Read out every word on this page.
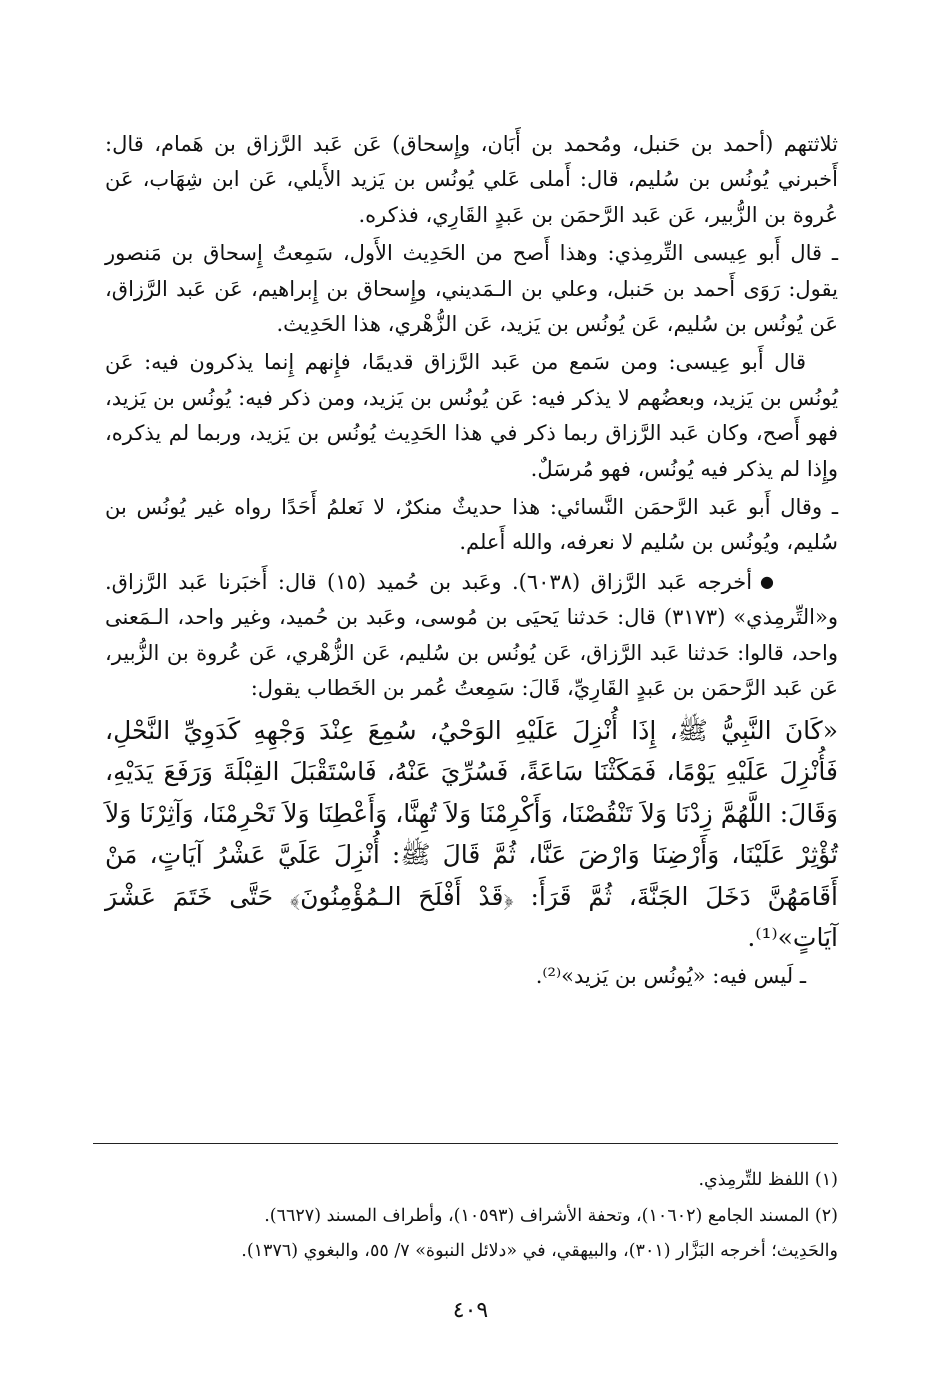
ثلاثتهم (أحمد بن حَنبل، ومُحمد بن أَبَان، وإِسحاق) عَن عَبد الرَّزاق بن هَمام، قال: أَخبرني يُونُس بن سُليم، قال: أَملى عَلي يُونُس بن يَزيد الأَيلي، عَن ابن شِهَاب، عَن عُروة بن الزُّبير، عَن عَبد الرَّحمَن بن عَبدٍ القَارِي، فذكره.

ـ قال أَبو عِيسى التِّرمِذي: وهذا أَصح من الحَدِيث الأَول، سَمِعتُ إِسحاق بن مَنصور يقول: رَوَى أَحمد بن حَنبل، وعلي بن الـمَديني، وإِسحاق بن إِبراهيم، عَن عَبد الرَّزاق، عَن يُونُس بن سُليم، عَن يُونُس بن يَزيد، عَن الزُّهْري، هذا الحَدِيث.

قال أَبو عِيسى: ومن سَمع من عَبد الرَّزاق قديمًا، فإِنهم إِنما يذكرون فيه: عَن يُونُس بن يَزيد، وبعضُهم لا يذكر فيه: عَن يُونُس بن يَزيد، ومن ذكر فيه: يُونُس بن يَزيد، فهو أَصح، وكان عَبد الرَّزاق ربما ذكر في هذا الحَدِيث يُونُس بن يَزيد، وربما لم يذكره، وإِذا لم يذكر فيه يُونُس، فهو مُرسَلٌ.

ـ وقال أَبو عَبد الرَّحمَن النَّسائي: هذا حديثٌ منكرٌ، لا نَعلمُ أَحَدًا رواه غير يُونُس بن سُليم، ويُونُس بن سُليم لا نعرفه، والله أَعلم.

●أخرجه عَبد الرَّزاق (٦٠٣٨). وعَبد بن حُميد (١٥) قال: أَخبَرنا عَبد الرَّزاق. و«التِّرمِذي» (٣١٧٣) قال: حَدثنا يَحيَى بن مُوسى، وعَبد بن حُميد، وغير واحد، الـمَعنى واحد، قالوا: حَدثنا عَبد الرَّزاق، عَن يُونُس بن سُليم، عَن الزُّهْري، عَن عُروة بن الزُّبير، عَن عَبد الرَّحمَن بن عَبدٍ القَارِيِّ، قَالَ: سَمِعتُ عُمر بن الخَطاب يقول:

«كَانَ النَّبِيُّ ﷺ، إِذَا أُنْزِلَ عَلَيْهِ الوَحْيُ، سُمِعَ عِنْدَ وَجْهِهِ كَدَوِيِّ النَّحْلِ، فَأُنْزِلَ عَلَيْهِ يَوْمًا، فَمَكَثْنَا سَاعَةً، فَسُرِّيَ عَنْهُ، فَاسْتَقْبَلَ القِبْلَةَ وَرَفَعَ يَدَيْهِ، وَقَالَ: اللَّهُمَّ زِدْنَا وَلاَ تَنْقُصْنَا، وَأَكْرِمْنَا وَلاَ تُهِنَّا، وَأَعْطِنَا وَلاَ تَحْرِمْنَا، وَآثِرْنَا وَلاَ تُؤْثِرْ عَلَيْنَا، وَأَرْضِنَا وَارْضَ عَنَّا، ثُمَّ قَالَ ﷺ: أُنْزِلَ عَلَيَّ عَشْرُ آيَاتٍ، مَنْ أَقَامَهُنَّ دَخَلَ الجَنَّةَ، ثُمَّ قَرَأَ: ﴿قَدْ أَفْلَحَ الـمُؤْمِنُونَ﴾ حَتَّى خَتَمَ عَشْرَ آيَاتٍ»⁽¹⁾.

ـ لَيس فيه: «يُونُس بن يَزيد»⁽²⁾.

(١) اللفظ للتِّرمِذي.

(٢) المسند الجامع (١٠٦٠٢)، وتحفة الأشراف (١٠٥٩٣)، وأطراف المسند (٦٦٢٧).

والحَدِيث؛ أخرجه البَزَّار (٣٠١)، والبيهقي، في «دلائل النبوة» ٧/ ٥٥، والبغوي (١٣٧٦).

٤٠٩
